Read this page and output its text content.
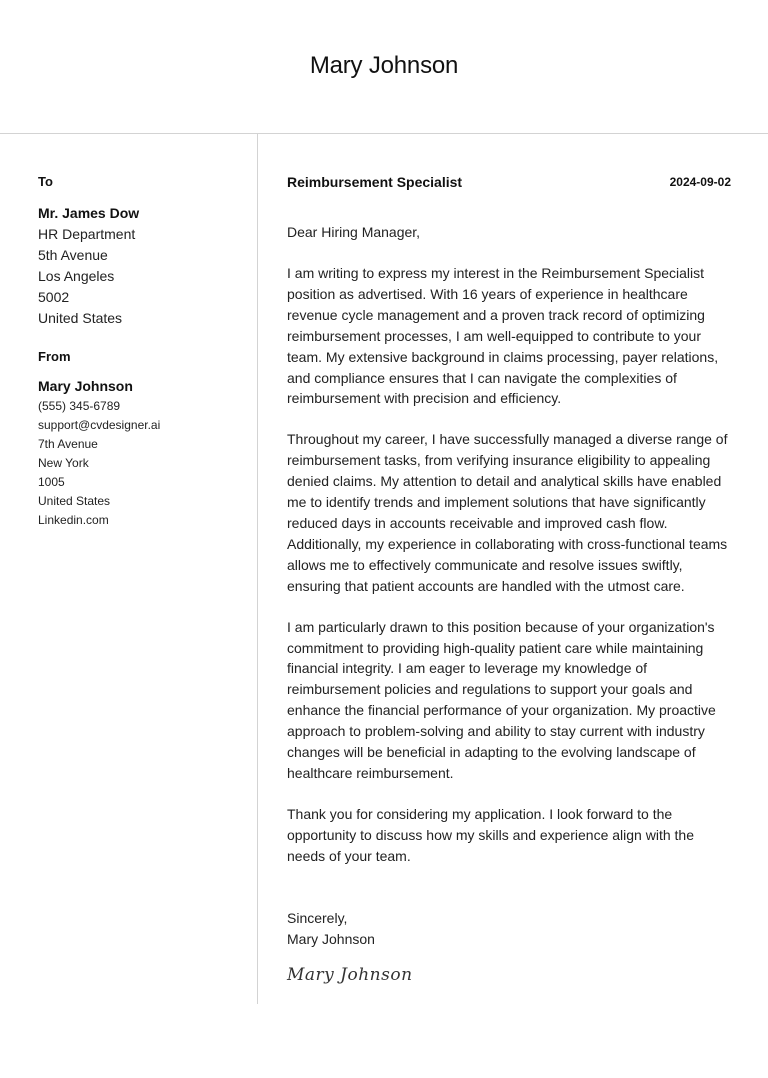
Mary Johnson
To
Mr. James Dow
HR Department
5th Avenue
Los Angeles
5002
United States
From
Mary Johnson
(555) 345-6789
support@cvdesigner.ai
7th Avenue
New York
1005
United States
Linkedin.com
Reimbursement Specialist	2024-09-02
Dear Hiring Manager,

I am writing to express my interest in the Reimbursement Specialist position as advertised. With 16 years of experience in healthcare revenue cycle management and a proven track record of optimizing reimbursement processes, I am well-equipped to contribute to your team. My extensive background in claims processing, payer relations, and compliance ensures that I can navigate the complexities of reimbursement with precision and efficiency.

Throughout my career, I have successfully managed a diverse range of reimbursement tasks, from verifying insurance eligibility to appealing denied claims. My attention to detail and analytical skills have enabled me to identify trends and implement solutions that have significantly reduced days in accounts receivable and improved cash flow. Additionally, my experience in collaborating with cross-functional teams allows me to effectively communicate and resolve issues swiftly, ensuring that patient accounts are handled with the utmost care.

I am particularly drawn to this position because of your organization's commitment to providing high-quality patient care while maintaining financial integrity. I am eager to leverage my knowledge of reimbursement policies and regulations to support your goals and enhance the financial performance of your organization. My proactive approach to problem-solving and ability to stay current with industry changes will be beneficial in adapting to the evolving landscape of healthcare reimbursement.

Thank you for considering my application. I look forward to the opportunity to discuss how my skills and experience align with the needs of your team.

Sincerely,
Mary Johnson
Mary Johnson
